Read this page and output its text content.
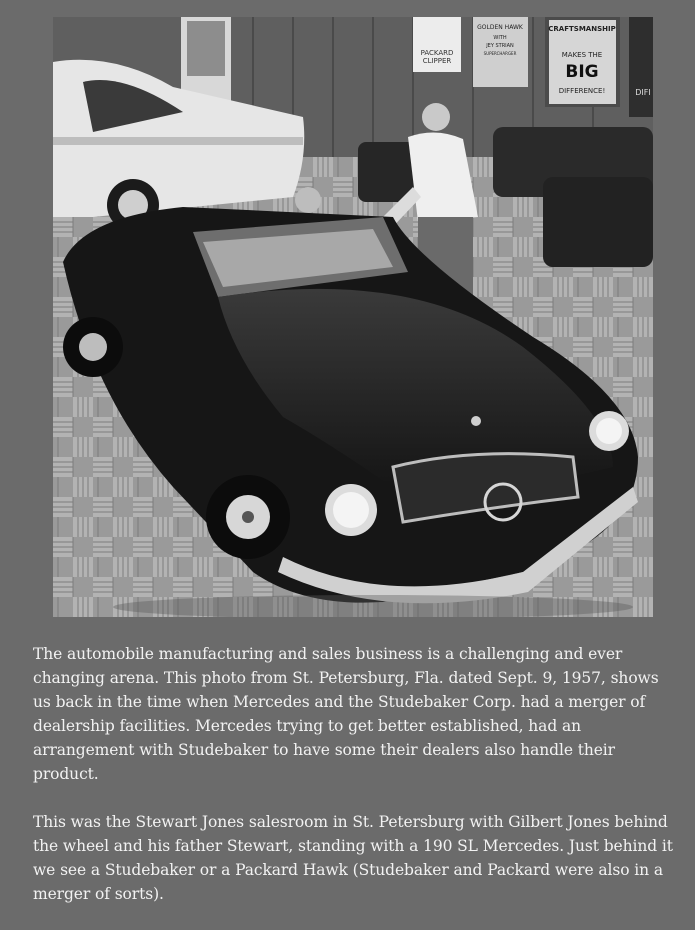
PACKARD
CLIPPER
GOLDEN HAWK
WITH
JEY STRIAN
SUPERCHARGER
CRAFTSMANSHIP
MAKES THE
BIG
DIFFERENCE!	DIFI

The automobile manufacturing and sales business is a challenging and ever changing arena. This photo from St. Petersburg, Fla. dated Sept. 9, 1957, shows us back in the time when Mercedes and the Studebaker Corp. had a merger of dealership facilities. Mercedes trying to get better established, had an arrangement with Studebaker to have some their dealers also handle their product.

This was the Stewart Jones salesroom in St. Petersburg with Gilbert Jones behind the wheel and his father Stewart, standing with a 190 SL Mercedes. Just behind it we see a Studebaker or a Packard Hawk (Studebaker and Packard were also in a merger of sorts).
